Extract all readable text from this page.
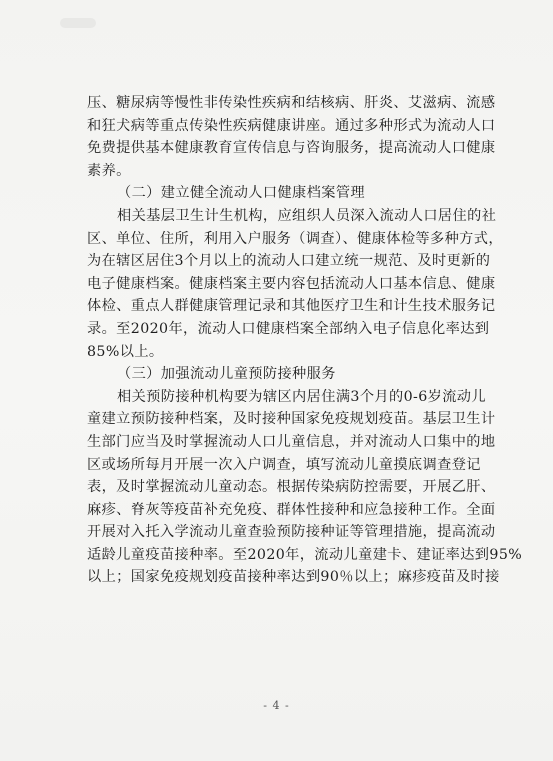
压、糖尿病等慢性非传染性疾病和结核病、肝炎、艾滋病、流感
和狂犬病等重点传染性疾病健康讲座。通过多种形式为流动人口
免费提供基本健康教育宣传信息与咨询服务，提高流动人口健康
素养。
（二）建立健全流动人口健康档案管理
相关基层卫生计生机构，应组织人员深入流动人口居住的社
区、单位、住所，利用入户服务（调查）、健康体检等多种方式，
为在辖区居住3个月以上的流动人口建立统一规范、及时更新的
电子健康档案。健康档案主要内容包括流动人口基本信息、健康
体检、重点人群健康管理记录和其他医疗卫生和计生技术服务记
录。至2020年，流动人口健康档案全部纳入电子信息化率达到
85%以上。
（三）加强流动儿童预防接种服务
相关预防接种机构要为辖区内居住满3个月的0-6岁流动儿
童建立预防接种档案，及时接种国家免疫规划疫苗。基层卫生计
生部门应当及时掌握流动人口儿童信息，并对流动人口集中的地
区或场所每月开展一次入户调查，填写流动儿童摸底调查登记
表，及时掌握流动儿童动态。根据传染病防控需要，开展乙肝、
麻疹、脊灰等疫苗补充免疫、群体性接种和应急接种工作。全面
开展对入托入学流动儿童查验预防接种证等管理措施，提高流动
适龄儿童疫苗接种率。至2020年，流动儿童建卡、建证率达到95%
以上；国家免疫规划疫苗接种率达到90％以上；麻疹疫苗及时接
- 4 -
